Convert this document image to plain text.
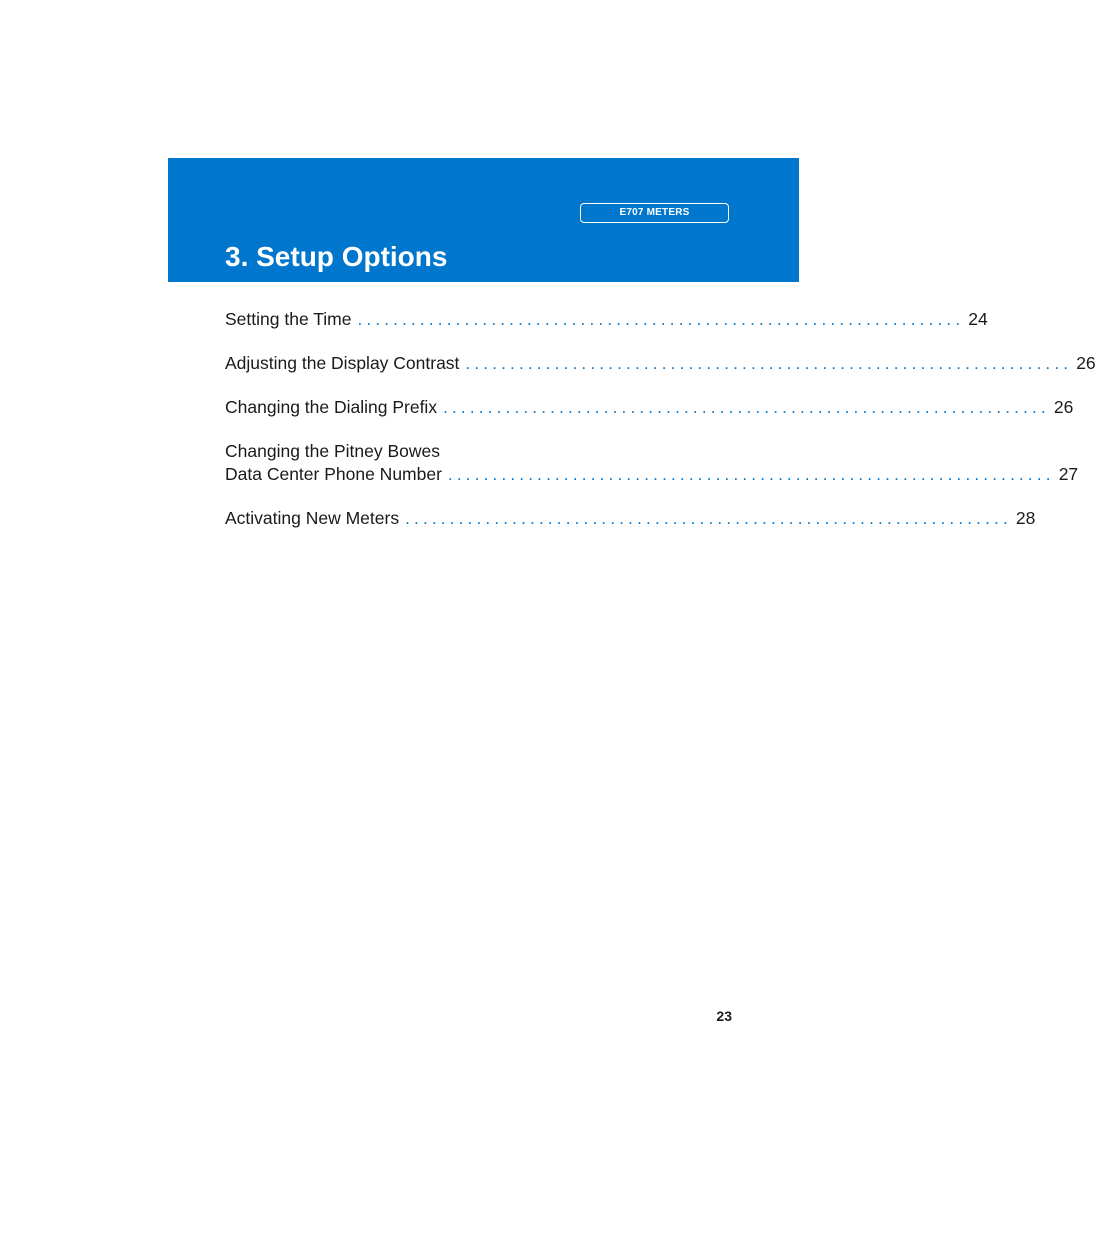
E707 METERS
3. Setup Options
Setting the Time .................................................................... 24
Adjusting the Display Contrast .................................................................... 26
Changing the Dialing Prefix .................................................................... 26
Changing the Pitney Bowes
Data Center Phone Number .................................................................... 27
Activating New Meters .................................................................... 28
23
